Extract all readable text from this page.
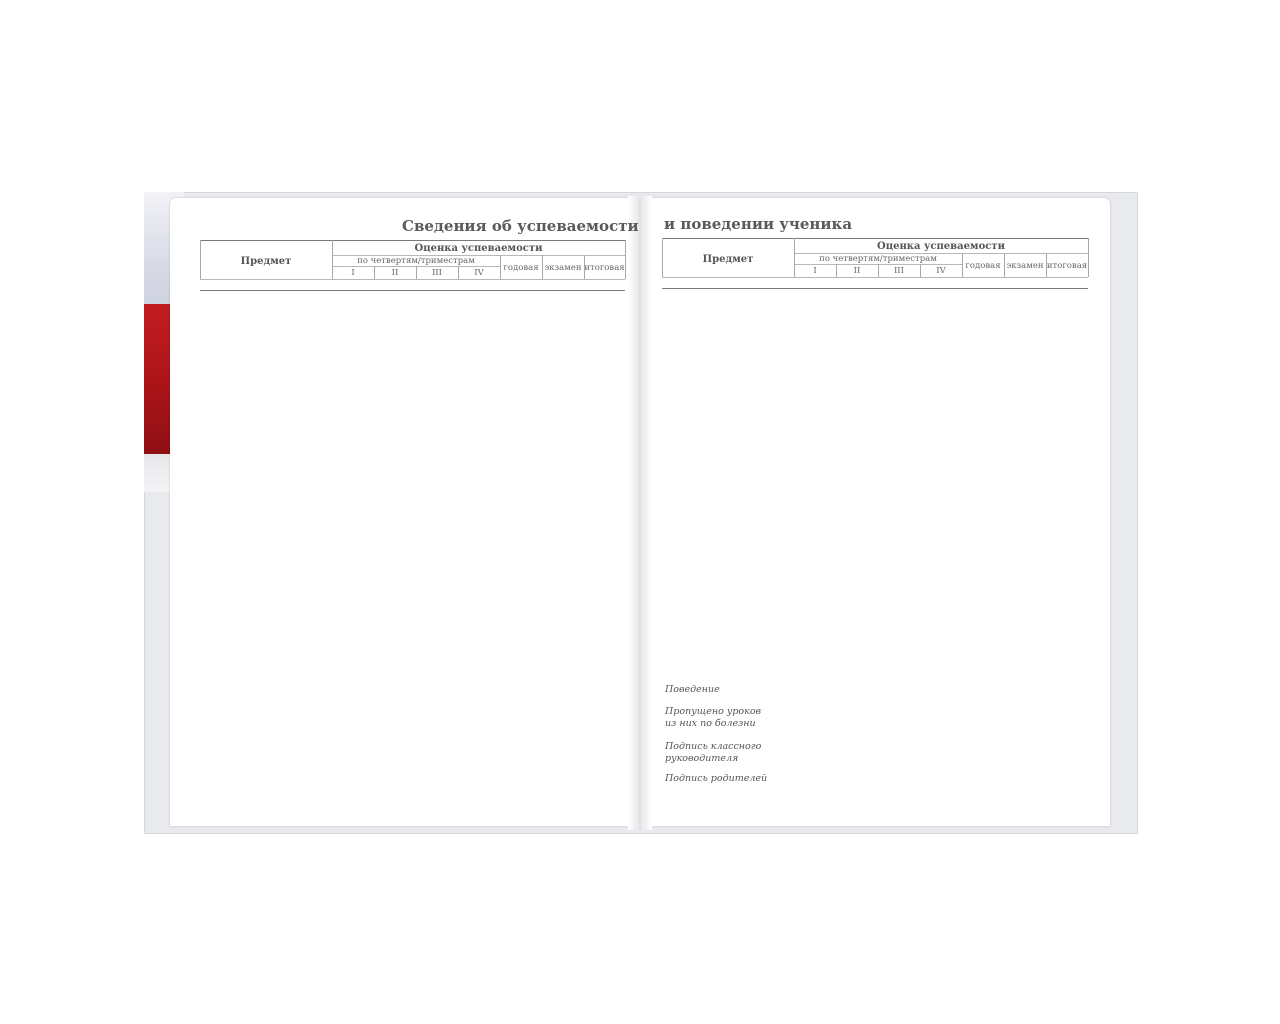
Сведения об успеваемости и поведении ученика
Предмет
Оценка успеваемости
по четвертям/триместрам
I	II	III	IV	годовая экзамен итоговая
Предмет
Оценка успеваемости
по четвертям/триместрам
I	II	III	IV	годовая экзамен итоговая
Поведение
Пропущено уроков
из них по болезни
Подпись классного
руководителя
Подпись родителей
